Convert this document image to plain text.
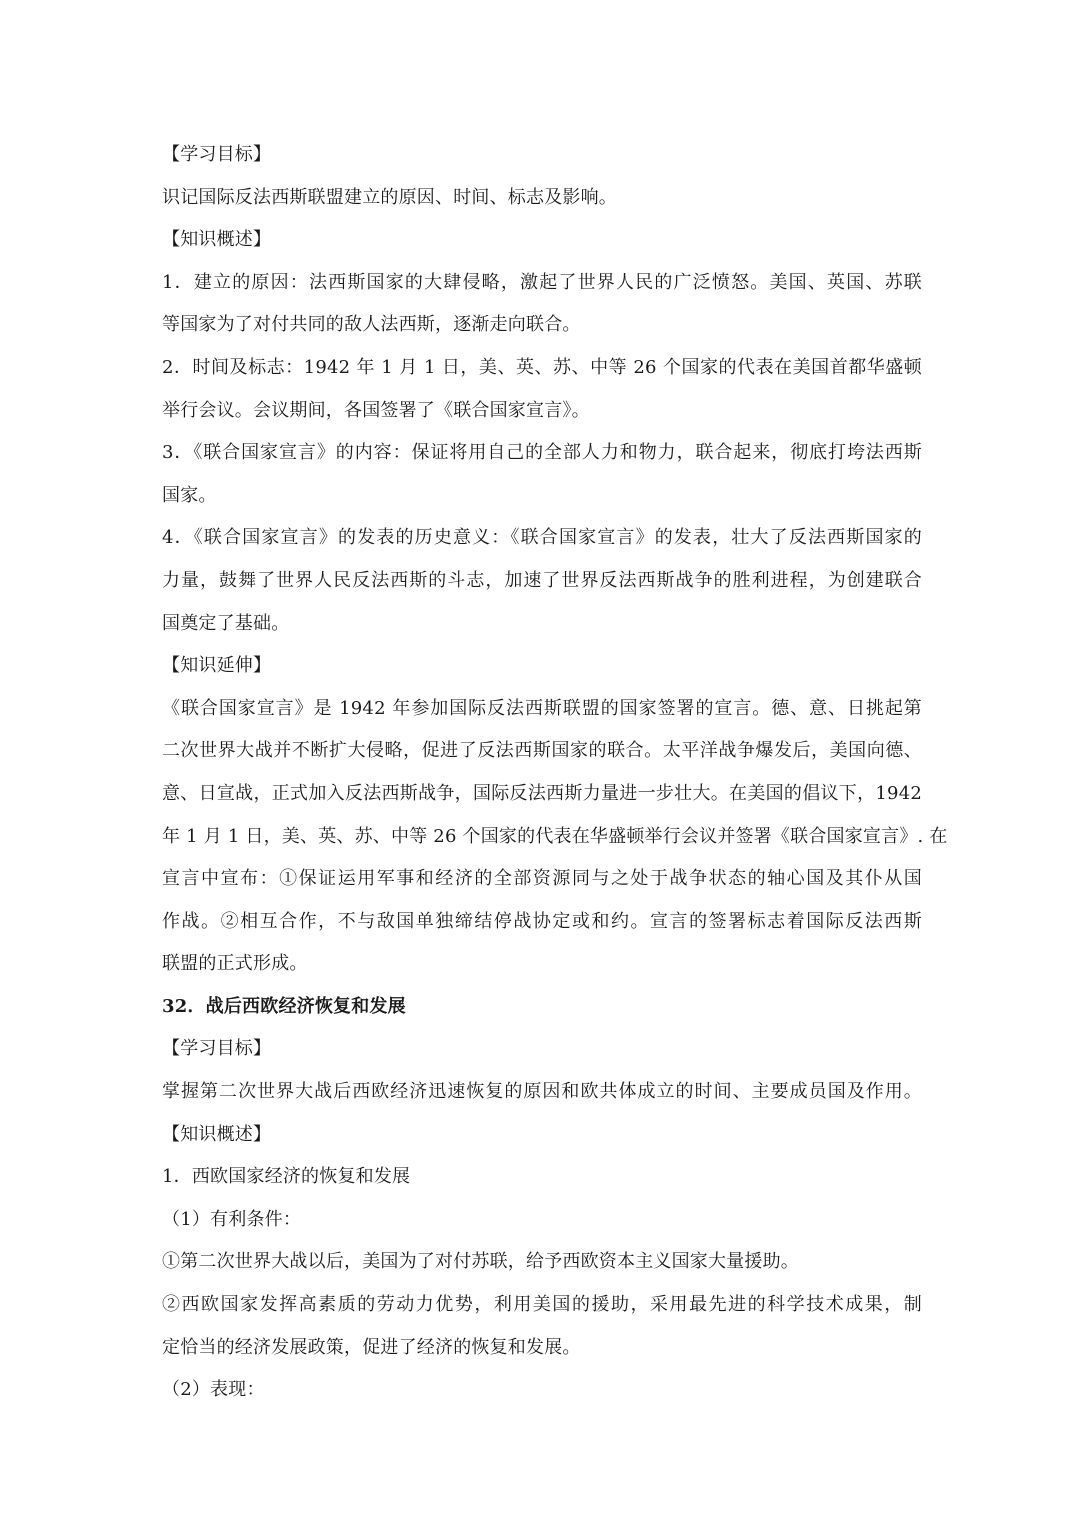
【学习目标】
识记国际反法西斯联盟建立的原因、时间、标志及影响。
【知识概述】
1．建立的原因：法西斯国家的大肆侵略，激起了世界人民的广泛愤怒。美国、英国、苏联
等国家为了对付共同的敌人法西斯，逐渐走向联合。
2．时间及标志：1942 年 1 月 1 日，美、英、苏、中等 26 个国家的代表在美国首都华盛顿
举行会议。会议期间，各国签署了《联合国家宣言》。
3．《联合国家宣言》的内容：保证将用自己的全部人力和物力，联合起来，彻底打垮法西斯
国家。
4．《联合国家宣言》的发表的历史意义：《联合国家宣言》的发表，壮大了反法西斯国家的
力量，鼓舞了世界人民反法西斯的斗志，加速了世界反法西斯战争的胜利进程，为创建联合
国奠定了基础。
【知识延伸】
《联合国家宣言》是 1942 年参加国际反法西斯联盟的国家签署的宣言。德、意、日挑起第
二次世界大战并不断扩大侵略，促进了反法西斯国家的联合。太平洋战争爆发后，美国向德、
意、日宣战，正式加入反法西斯战争，国际反法西斯力量进一步壮大。在美国的倡议下，1942
年 1 月 1 日，美、英、苏、中等 26 个国家的代表在华盛顿举行会议并签署《联合国家宣言》. 在
宣言中宣布：①保证运用军事和经济的全部资源同与之处于战争状态的轴心国及其仆从国
作战。②相互合作，不与敌国单独缔结停战协定或和约。宣言的签署标志着国际反法西斯
联盟的正式形成。
32．战后西欧经济恢复和发展
【学习目标】
掌握第二次世界大战后西欧经济迅速恢复的原因和欧共体成立的时间、主要成员国及作用。
【知识概述】
1．西欧国家经济的恢复和发展
（1）有利条件：
①第二次世界大战以后，美国为了对付苏联，给予西欧资本主义国家大量援助。
②西欧国家发挥高素质的劳动力优势，利用美国的援助，采用最先进的科学技术成果，制
定恰当的经济发展政策，促进了经济的恢复和发展。
（2）表现：
